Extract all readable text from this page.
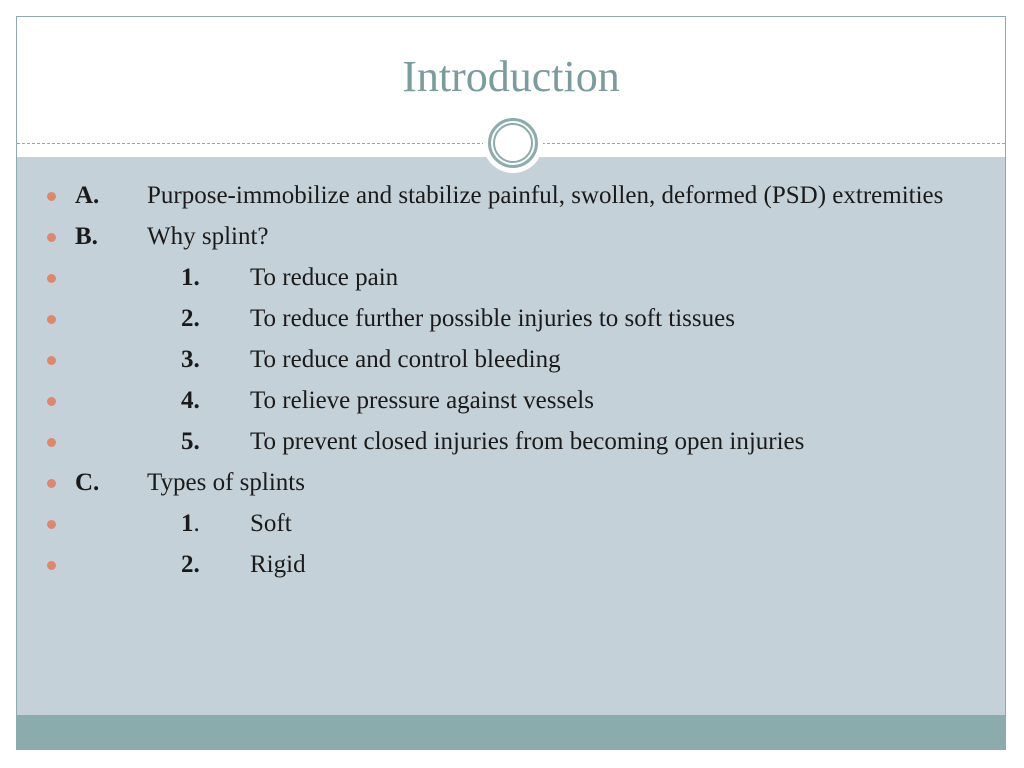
Introduction
A. Purpose-immobilize and stabilize painful, swollen, deformed (PSD) extremities
B. Why splint?
1. To reduce pain
2. To reduce further possible injuries to soft tissues
3. To reduce and control bleeding
4. To relieve pressure against vessels
5. To prevent closed injuries from becoming open injuries
C. Types of splints
1. Soft
2. Rigid
